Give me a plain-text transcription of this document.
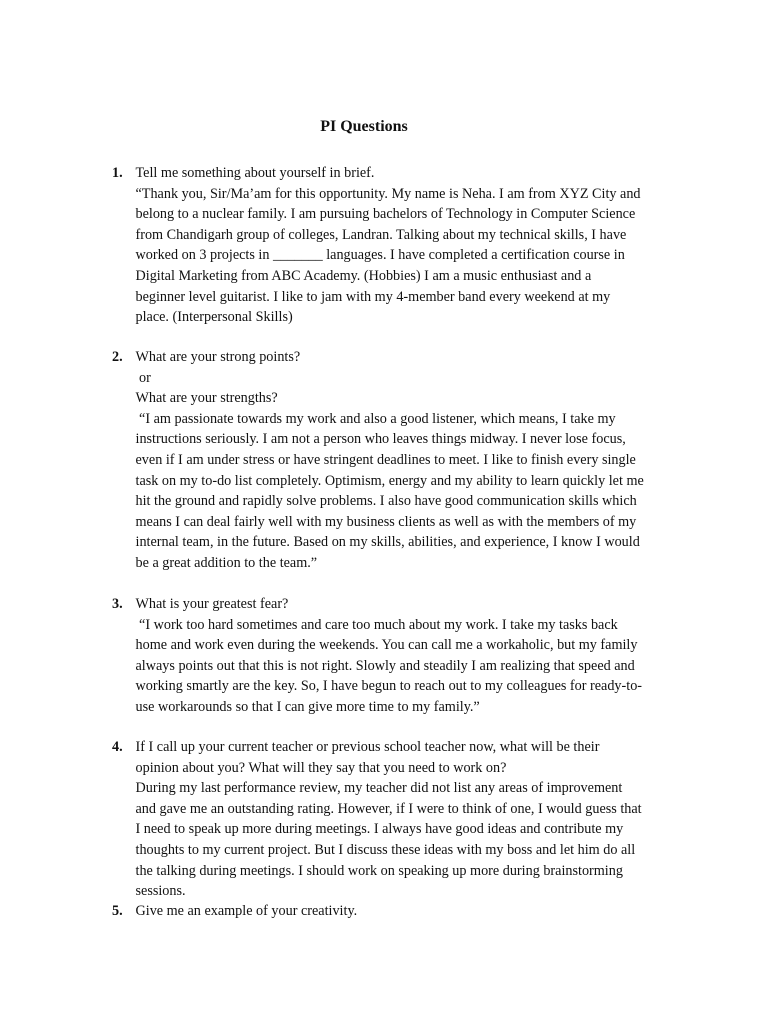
PI Questions
1. Tell me something about yourself in brief.
“Thank you, Sir/Ma’am for this opportunity. My name is Neha. I am from XYZ City and
belong to a nuclear family. I am pursuing bachelors of Technology in Computer Science
from Chandigarh group of colleges, Landran. Talking about my technical skills, I have
worked on 3 projects in _______ languages. I have completed a certification course in
Digital Marketing from ABC Academy. (Hobbies) I am a music enthusiast and a
beginner level guitarist. I like to jam with my 4-member band every weekend at my
place. (Interpersonal Skills)
2. What are your strong points?
or
What are your strengths?
“I am passionate towards my work and also a good listener, which means, I take my
instructions seriously. I am not a person who leaves things midway. I never lose focus,
even if I am under stress or have stringent deadlines to meet. I like to finish every single
task on my to-do list completely. Optimism, energy and my ability to learn quickly let me
hit the ground and rapidly solve problems. I also have good communication skills which
means I can deal fairly well with my business clients as well as with the members of my
internal team, in the future. Based on my skills, abilities, and experience, I know I would
be a great addition to the team.”
3. What is your greatest fear?
“I work too hard sometimes and care too much about my work. I take my tasks back
home and work even during the weekends. You can call me a workaholic, but my family
always points out that this is not right. Slowly and steadily I am realizing that speed and
working smartly are the key. So, I have begun to reach out to my colleagues for ready-to-
use workarounds so that I can give more time to my family.”
4. If I call up your current teacher or previous school teacher now, what will be their
opinion about you? What will they say that you need to work on?
During my last performance review, my teacher did not list any areas of improvement
and gave me an outstanding rating. However, if I were to think of one, I would guess that
I need to speak up more during meetings. I always have good ideas and contribute my
thoughts to my current project. But I discuss these ideas with my boss and let him do all
the talking during meetings. I should work on speaking up more during brainstorming
sessions.
5. Give me an example of your creativity.
